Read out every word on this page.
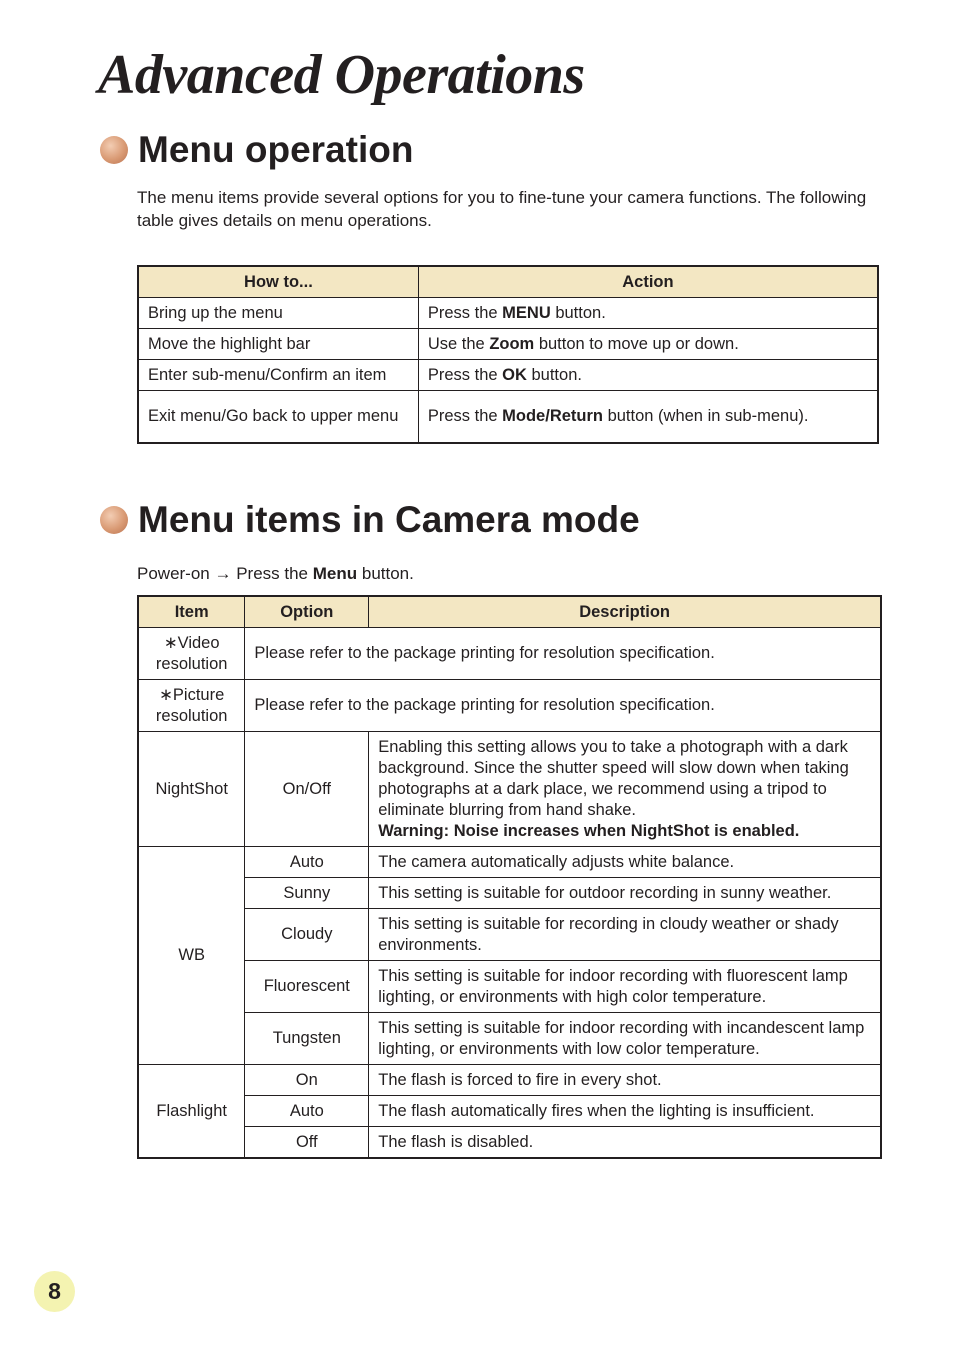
Advanced Operations
Menu operation

The menu items provide several options for you to fine-tune your camera functions. The following table gives details on menu operations.

How to...	Action
Bring up the menu	Press the MENU button.
Move the highlight bar	Use the Zoom button to move up or down.
Enter sub-menu/Confirm an item	Press the OK button.
Exit menu/Go back to upper menu	Press the Mode/Return button (when in sub-menu).
Menu items in Camera mode

Power-on → Press the Menu button.

Item	Option	Description
∗Video resolution	Please refer to the package printing for resolution specification.	
∗Picture resolution	Please refer to the package printing for resolution specification.	
NightShot	On/Off	Enabling this setting allows you to take a photograph with a dark background. Since the shutter speed will slow down when taking photographs at a dark place, we recommend using a tripod to eliminate blurring from hand shake.
Warning: Noise increases when NightShot is enabled.
WB	Auto	The camera automatically adjusts white balance.
	Sunny	This setting is suitable for outdoor recording in sunny weather.
	Cloudy	This setting is suitable for recording in cloudy weather or shady environments.
	Fluorescent	This setting is suitable for indoor recording with fluorescent lamp lighting, or environments with high color temperature.
	Tungsten	This setting is suitable for indoor recording with incandescent lamp lighting, or environments with low color temperature.
Flashlight	On	The flash is forced to fire in every shot.
	Auto	The flash automatically fires when the lighting is insufficient.
	Off	The flash is disabled.
8
